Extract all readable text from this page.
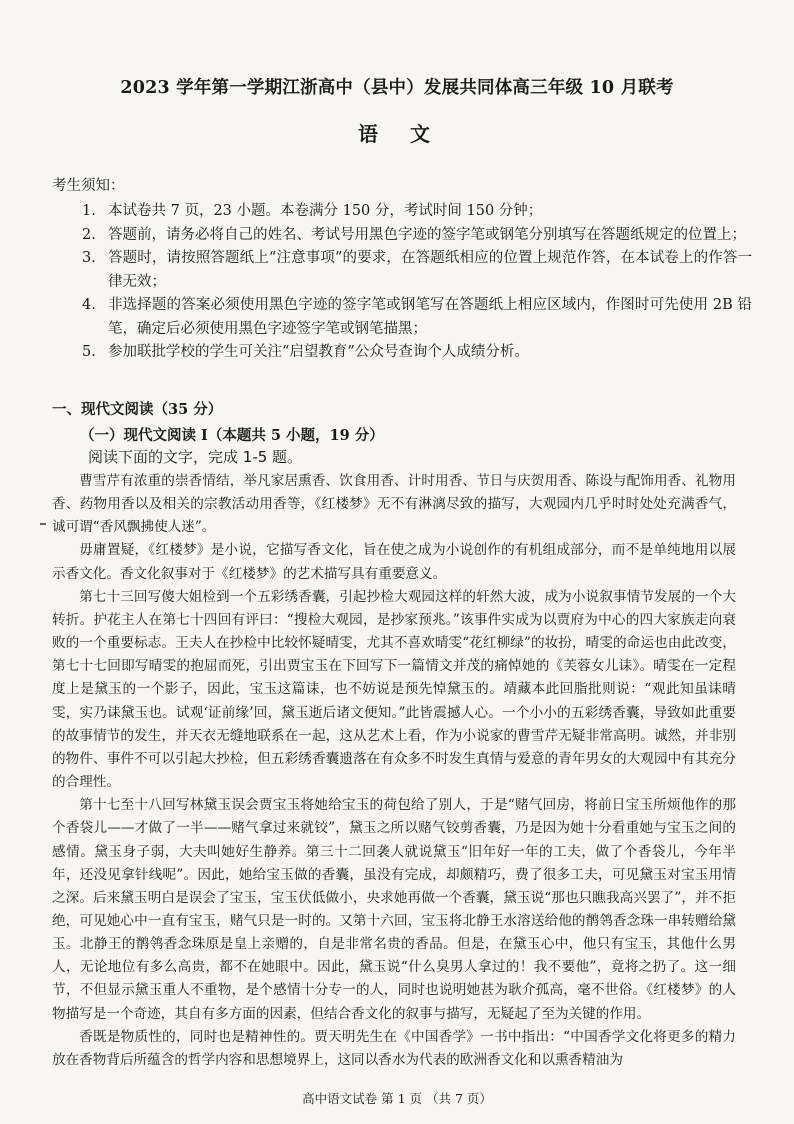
2023 学年第一学期江浙高中（县中）发展共同体高三年级 10 月联考
语　文

考生须知：

1. 本试卷共 7 页，23 小题。本卷满分 150 分，考试时间 150 分钟；
2. 答题前，请务必将自己的姓名、考试号用黑色字迹的签字笔或钢笔分别填写在答题纸规定的位置上；
3. 答题时，请按照答题纸上“注意事项”的要求，在答题纸相应的位置上规范作答，在本试卷上的作答一律无效；
4. 非选择题的答案必须使用黑色字迹的签字笔或钢笔写在答题纸上相应区域内，作图时可先使用 2B 铅笔，确定后必须使用黑色字迹签字笔或钢笔描黑；
5. 参加联批学校的学生可关注“启望教育”公众号查询个人成绩分析。
一、现代文阅读（35 分）
（一）现代文阅读 I（本题共 5 小题，19 分）
阅读下面的文字，完成 1-5 题。

曹雪芹有浓重的崇香情结，举凡家居熏香、饮食用香、计时用香、节日与庆贺用香、陈设与配饰用香、礼物用香、药物用香以及相关的宗教活动用香等，《红楼梦》无不有淋漓尽致的描写，大观园内几乎时时处处充满香气，诚可谓“香风飘拂使人迷”。

毋庸置疑，《红楼梦》是小说，它描写香文化，旨在使之成为小说创作的有机组成部分，而不是单纯地用以展示香文化。香文化叙事对于《红楼梦》的艺术描写具有重要意义。

第七十三回写傻大姐检到一个五彩绣香囊，引起抄检大观园这样的轩然大波，成为小说叙事情节发展的一个大转折。护花主人在第七十四回有评曰：“搜检大观园，是抄家预兆。”该事件实成为以贾府为中心的四大家族走向衰败的一个重要标志。王夫人在抄检中比较怀疑晴雯，尤其不喜欢晴雯“花红柳绿”的妆扮，晴雯的命运也由此改变，第七十七回即写晴雯的抱屈而死，引出贾宝玉在下回写下一篇情文并茂的痛悼她的《芙蓉女儿诔》。晴雯在一定程度上是黛玉的一个影子，因此，宝玉这篇诔，也不妨说是预先悼黛玉的。靖藏本此回脂批则说：“观此知虽诔晴雯，实乃诔黛玉也。试观‘证前缘’回，黛玉逝后诸文便知。”此皆震撼人心。一个小小的五彩绣香囊，导致如此重要的故事情节的发生，并天衣无缝地联系在一起，这从艺术上看，作为小说家的曹雪芹无疑非常高明。诚然，并非别的物件、事件不可以引起大抄检，但五彩绣香囊遗落在有众多不时发生真情与爱意的青年男女的大观园中有其充分的合理性。

第十七至十八回写林黛玉误会贾宝玉将她给宝玉的荷包给了别人，于是“赌气回房，将前日宝玉所烦他作的那个香袋儿——才做了一半——赌气拿过来就铰”，黛玉之所以赌气铰剪香囊，乃是因为她十分看重她与宝玉之间的感情。黛玉身子弱，大夫叫她好生静养。第三十二回袭人就说黛玉“旧年好一年的工夫，做了个香袋儿，今年半年，还没见拿针线呢”。因此，她给宝玉做的香囊，虽没有完成，却颇精巧，费了很多工夫，可见黛玉对宝玉用情之深。后来黛玉明白是误会了宝玉，宝玉伏低做小，央求她再做一个香囊，黛玉说“那也只瞧我高兴罢了”，并不拒绝，可见她心中一直有宝玉，赌气只是一时的。又第十六回，宝玉将北静王水溶送给他的鹡鸰香念珠一串转赠给黛玉。北静王的鹡鸰香念珠原是皇上亲赠的，自是非常名贵的香品。但是，在黛玉心中，他只有宝玉，其他什么男人，无论地位有多么高贵，都不在她眼中。因此，黛玉说“什么臭男人拿过的！我不要他”，竟将之扔了。这一细节，不但显示黛玉重人不重物，是个感情十分专一的人，同时也说明她甚为耿介孤高，毫不世俗。《红楼梦》的人物描写是一个奇迹，其自有多方面的因素，但结合香文化的叙事与描写，无疑起了至为关键的作用。

香既是物质性的，同时也是精神性的。贾天明先生在《中国香学》一书中指出：“中国香学文化将更多的精力放在香物背后所蕴含的哲学内容和思想境界上，这同以香水为代表的欧洲香文化和以熏香精油为

高中语文试卷 第 1 页 （共 7 页）
